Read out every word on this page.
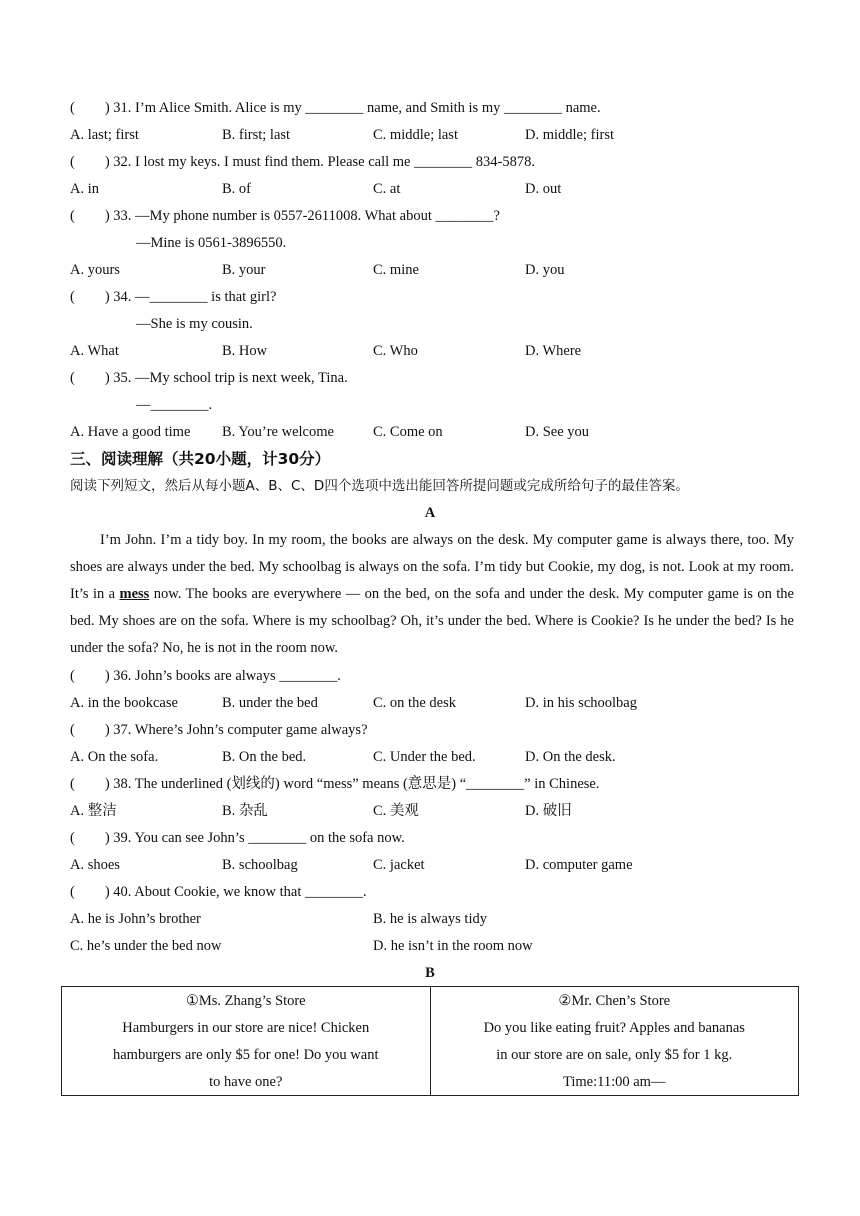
( ) 31. I’m Alice Smith. Alice is my ________ name, and Smith is my ________ name.
A. last; first	B. first; last	C. middle; last	D. middle; first
( ) 32. I lost my keys. I must find them. Please call me ________ 834-5878.
A. in	B. of	C. at	D. out
( ) 33. —My phone number is 0557-2611008. What about ________?
—Mine is 0561-3896550.
A. yours	B. your	C. mine	D. you
( ) 34. —________ is that girl?
—She is my cousin.
A. What	B. How	C. Who	D. Where
( ) 35. —My school trip is next week, Tina.
—________.
A. Have a good time B. You’re welcome	C. Come on	D. See you
三、阅读理解（共20小题，计30分）
阅读下列短文，然后从每小题A、B、C、D四个选项中选出能回答所提问题或完成所给句子的最佳答案。
A
I’m John. I’m a tidy boy. In my room, the books are always on the desk. My computer game is always there, too. My shoes are always under the bed. My schoolbag is always on the sofa. I’m tidy but Cookie, my dog, is not. Look at my room. It’s in a mess now. The books are everywhere — on the bed, on the sofa and under the desk. My computer game is on the bed. My shoes are on the sofa. Where is my schoolbag? Oh, it’s under the bed. Where is Cookie? Is he under the bed? Is he under the sofa? No, he is not in the room now.
( ) 36. John’s books are always ________.
A. in the bookcase	B. under the bed	C. on the desk	D. in his schoolbag
( ) 37. Where’s John’s computer game always?
A. On the sofa.	B. On the bed.	C. Under the bed.	D. On the desk.
( ) 38. The underlined (划线的) word “mess” means (意思是) “________” in Chinese.
A. 整洁	B. 杂乱	C. 美观	D. 破旧
( ) 39. You can see John’s ________ on the sofa now.
A. shoes	B. schoolbag	C. jacket	D. computer game
( ) 40. About Cookie, we know that ________.
A. he is John’s brother	B. he is always tidy
C. he’s under the bed now	D. he isn’t in the room now
B
①Ms. Zhang’s Store
Hamburgers in our store are nice! Chicken
hamburgers are only $5 for one! Do you want
to have one?
②Mr. Chen’s Store
Do you like eating fruit? Apples and bananas
in our store are on sale, only $5 for 1 kg.
Time:11:00 am—
